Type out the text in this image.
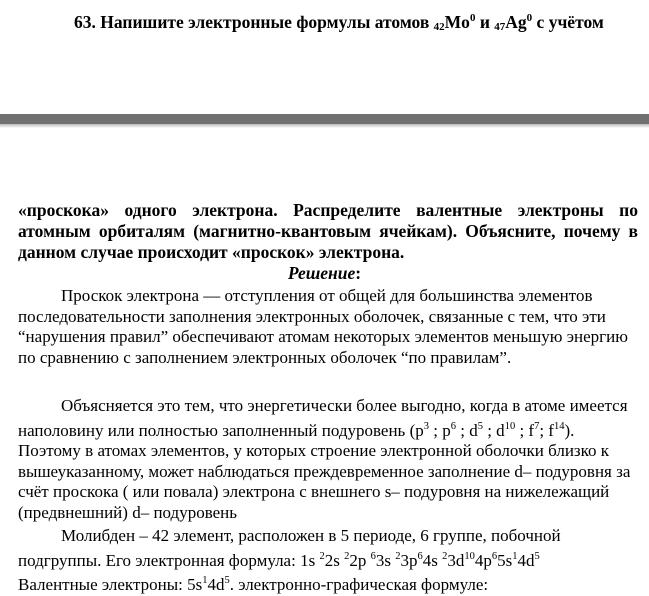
63. Напишите электронные формулы атомов 42Mo$^0$ и 47Ag$^0$ с учётом

«проскока» одного электрона. Распределите валентные электроны по атомным орбиталям (магнитно-квантовым ячейкам). Объясните, почему в данном случае происходит «проскок» электрона.

Решение:

Проскок электрона — отступления от общей для большинства элементов последовательности заполнения электронных оболочек, связанные с тем, что эти “нарушения правил” обеспечивают атомам некоторых элементов меньшую энергию по сравнению с заполнением электронных оболочек “по правилам”.

Объясняется это тем, что энергетически более выгодно, когда в атоме имеется наполовину или полностью заполненный подуровень ($p^3$ ; $p^6$ ; $d^5$ ; $d^{10}$ ; $f^7$; $f^{14}$). Поэтому в атомах элементов, у которых строение электронной оболочки близко к вышеуказанному, может наблюдаться преждевременное заполнение d– подуровня за счёт проскока ( или повала) электрона с внешнего s– подуровня на нижележащий (предвнешний) d– подуровень

Молибден – 42 элемент, расположен в 5 периоде, 6 группе, побочной подгруппы. Его электронная формула: 1s $^2$2s $^2$2p $^6$3s $^23p^64s$ $^23d^{10}4p^65s^14d^5$
Валентные электроны: $5s^14d^5$. электронно-графическая формуле:
